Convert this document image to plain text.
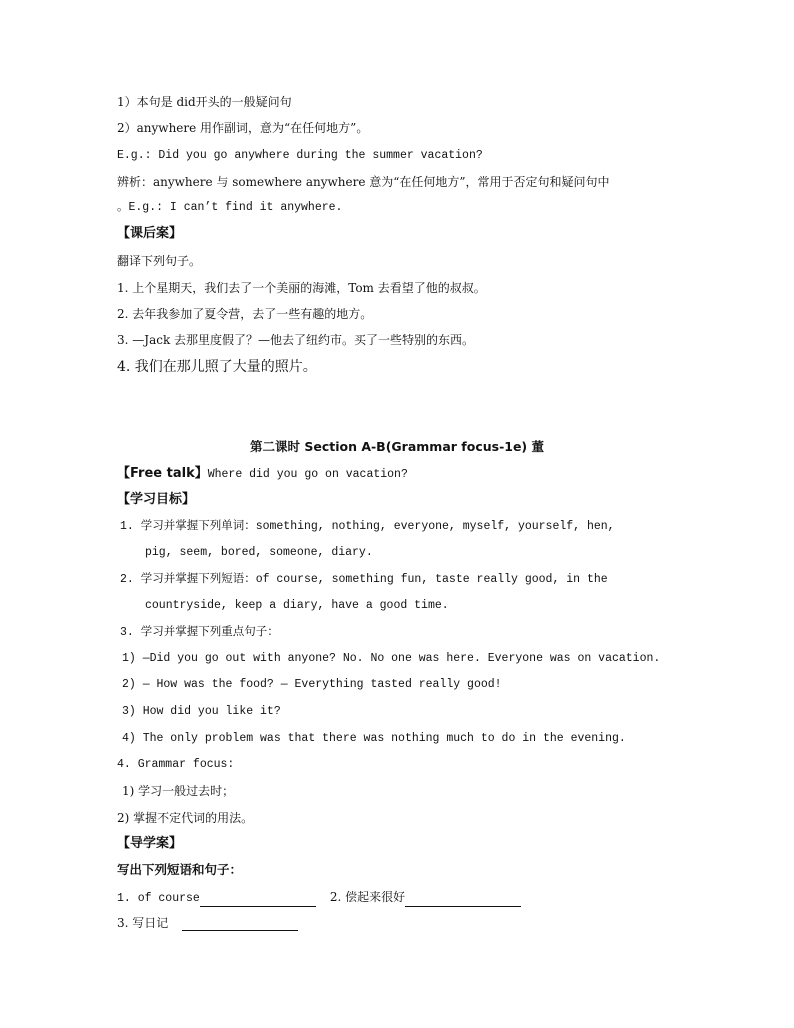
1）本句是 did开头的一般疑问句
2）anywhere 用作副词，意为“在任何地方”。
E.g.: Did you go anywhere during the summer vacation?
辨析：anywhere 与 somewhere anywhere 意为“在任何地方”，常用于否定句和疑问句中
。E.g.: I can’t find it anywhere.
【课后案】
翻译下列句子。
1. 上个星期天，我们去了一个美丽的海滩，Tom 去看望了他的叔叔。
2. 去年我参加了夏令营，去了一些有趣的地方。
3. —Jack 去那里度假了？—他去了纽约市。买了一些特别的东西。
4. 我们在那儿照了大量的照片。
第二课时 Section A-B(Grammar focus-1e) 董
【Free talk】Where did you go on vacation?
【学习目标】
1. 学习并掌握下列单词：something, nothing, everyone, myself, yourself, hen,
pig, seem, bored, someone, diary.
2. 学习并掌握下列短语：of course, something fun, taste really good, in the
countryside, keep a diary, have a good time.
3. 学习并掌握下列重点句子：
1) —Did you go out with anyone? No. No one was here. Everyone was on vacation.
2) — How was the food? — Everything tasted really good!
3) How did you like it?
4) The only problem was that there was nothing much to do in the evening.
4. Grammar focus:
1) 学习一般过去时；
2) 掌握不定代词的用法。
【导学案】
写出下列短语和句子：
1. of course	2. 偿起来很好
3. 写日记
